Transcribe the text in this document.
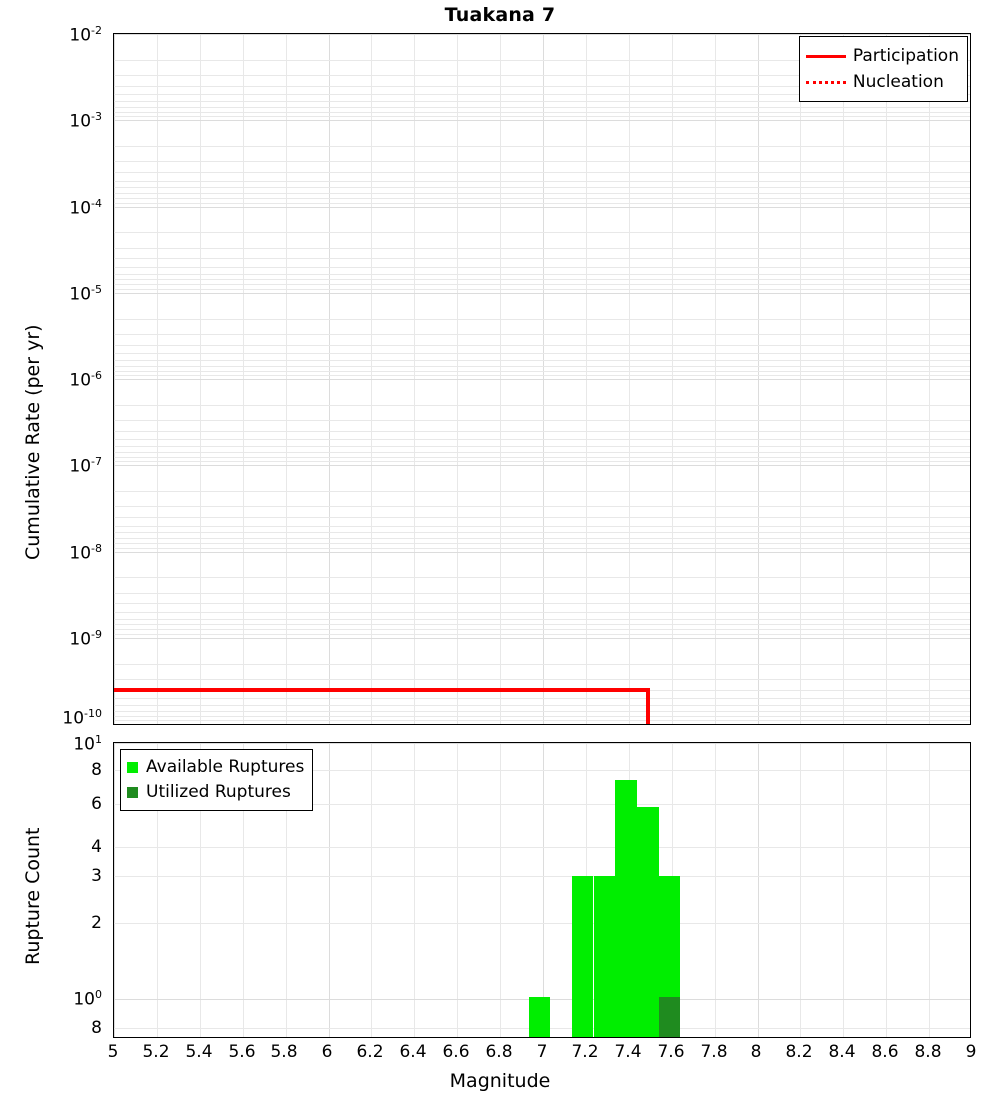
Tuakana 7
Participation
Nucleation
$10^{-2}$
$10^{-3}$
$10^{-4}$
$10^{-5}$
$10^{-6}$
$10^{-7}$
$10^{-8}$
$10^{-9}$
$10^{-10}$
Cumulative Rate (per yr)
Available Ruptures
Utilized Ruptures
$10^1$
8
6
4
3
2
$10^0$
8
Rupture Count
5	5.2 5.4 5.6 5.8	6	6.2 6.4 6.6 6.8	7	7.2 7.4 7.6 7.8	8	8.2 8.4 8.6 8.8	9
Magnitude
